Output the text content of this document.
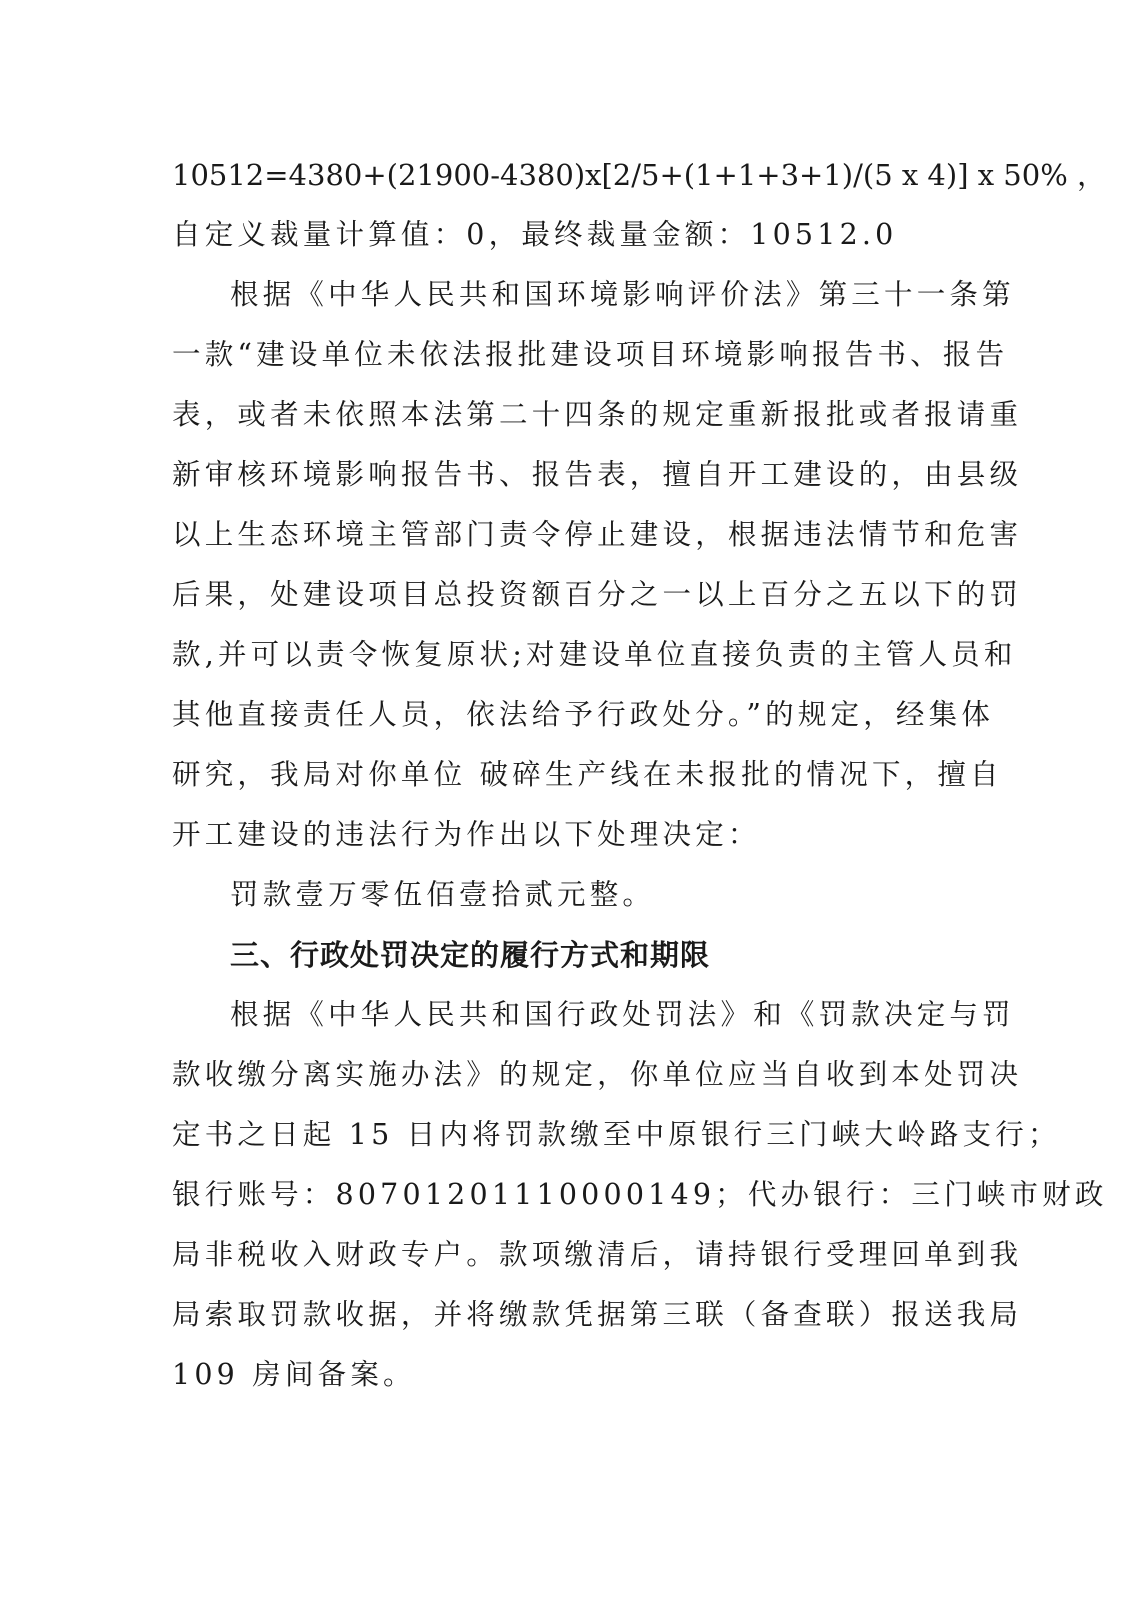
10512=4380+(21900-4380)x[2/5+(1+1+3+1)/(5 x 4)] x 50% ，
自定义裁量计算值：0，最终裁量金额：10512.0
根据《中华人民共和国环境影响评价法》第三十一条第
一款“建设单位未依法报批建设项目环境影响报告书、报告
表，或者未依照本法第二十四条的规定重新报批或者报请重
新审核环境影响报告书、报告表，擅自开工建设的，由县级
以上生态环境主管部门责令停止建设，根据违法情节和危害
后果，处建设项目总投资额百分之一以上百分之五以下的罚
款,并可以责令恢复原状;对建设单位直接负责的主管人员和
其他直接责任人员，依法给予行政处分。”的规定，经集体
研究，我局对你单位 破碎生产线在未报批的情况下，擅自
开工建设的违法行为作出以下处理决定：
罚款壹万零伍佰壹拾贰元整。
三、行政处罚决定的履行方式和期限
根据《中华人民共和国行政处罚法》和《罚款决定与罚
款收缴分离实施办法》的规定，你单位应当自收到本处罚决
定书之日起 15 日内将罚款缴至中原银行三门峡大岭路支行；
银行账号：80701201110000149；代办银行：三门峡市财政
局非税收入财政专户。款项缴清后，请持银行受理回单到我
局索取罚款收据，并将缴款凭据第三联（备查联）报送我局
109 房间备案。
